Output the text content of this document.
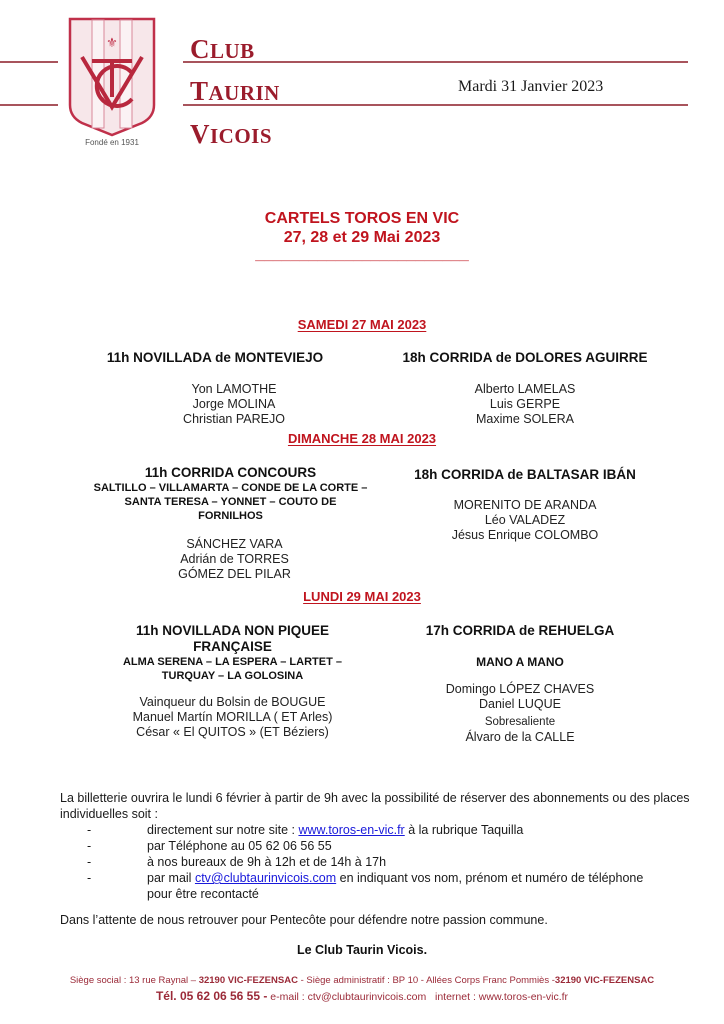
⚜
Fondé en 1931
CLUB
TAURIN
VICOIS
Mardi 31 Janvier 2023
CARTELS TOROS EN VIC
27, 28 et 29 Mai 2023
________________________
SAMEDI 27 MAI 2023
11h NOVILLADA de MONTEVIEJO
Yon LAMOTHE
Jorge MOLINA
Christian PAREJO
18h CORRIDA de DOLORES AGUIRRE
Alberto LAMELAS
Luis GERPE
Maxime SOLERA
DIMANCHE 28 MAI 2023
11h CORRIDA CONCOURS
SALTILLO – VILLAMARTA – CONDE DE LA CORTE – SANTA TERESA – YONNET – COUTO DE FORNILHOS
SÁNCHEZ VARA
Adrián de TORRES
GÓMEZ DEL PILAR
18h CORRIDA de BALTASAR IBÁN
MORENITO DE ARANDA
Léo VALADEZ
Jésus Enrique COLOMBO
LUNDI 29 MAI 2023
11h NOVILLADA NON PIQUEE FRANÇAISE
ALMA SERENA – LA ESPERA – LARTET – TURQUAY – LA GOLOSINA
Vainqueur du Bolsin de BOUGUE
Manuel Martín MORILLA ( ET Arles)
César « El QUITOS » (ET Béziers)
17h CORRIDA de REHUELGA
MANO A MANO
Domingo LÓPEZ CHAVES
Daniel LUQUE
Sobresaliente
Álvaro de la CALLE
La billetterie ouvrira le lundi 6 février à partir de 9h avec la possibilité de réserver des abonnements ou des places individuelles soit :
-	directement sur notre site : www.toros-en-vic.fr à la rubrique Taquilla
-	par Téléphone au 05 62 06 56 55
-	à nos bureaux de 9h à 12h et de 14h à 17h
-	par mail ctv@clubtaurinvicois.com en indiquant vos nom, prénom et numéro de téléphone pour être recontacté
Dans l’attente de nous retrouver pour Pentecôte pour défendre notre passion commune.
Le Club Taurin Vicois.
Siège social : 13 rue Raynal – 32190 VIC-FEZENSAC - Siège administratif : BP 10 - Allées Corps Franc Pommiès -32190 VIC-FEZENSAC
Tél. 05 62 06 56 55 - e-mail : ctv@clubtaurinvicois.com   internet : www.toros-en-vic.fr
